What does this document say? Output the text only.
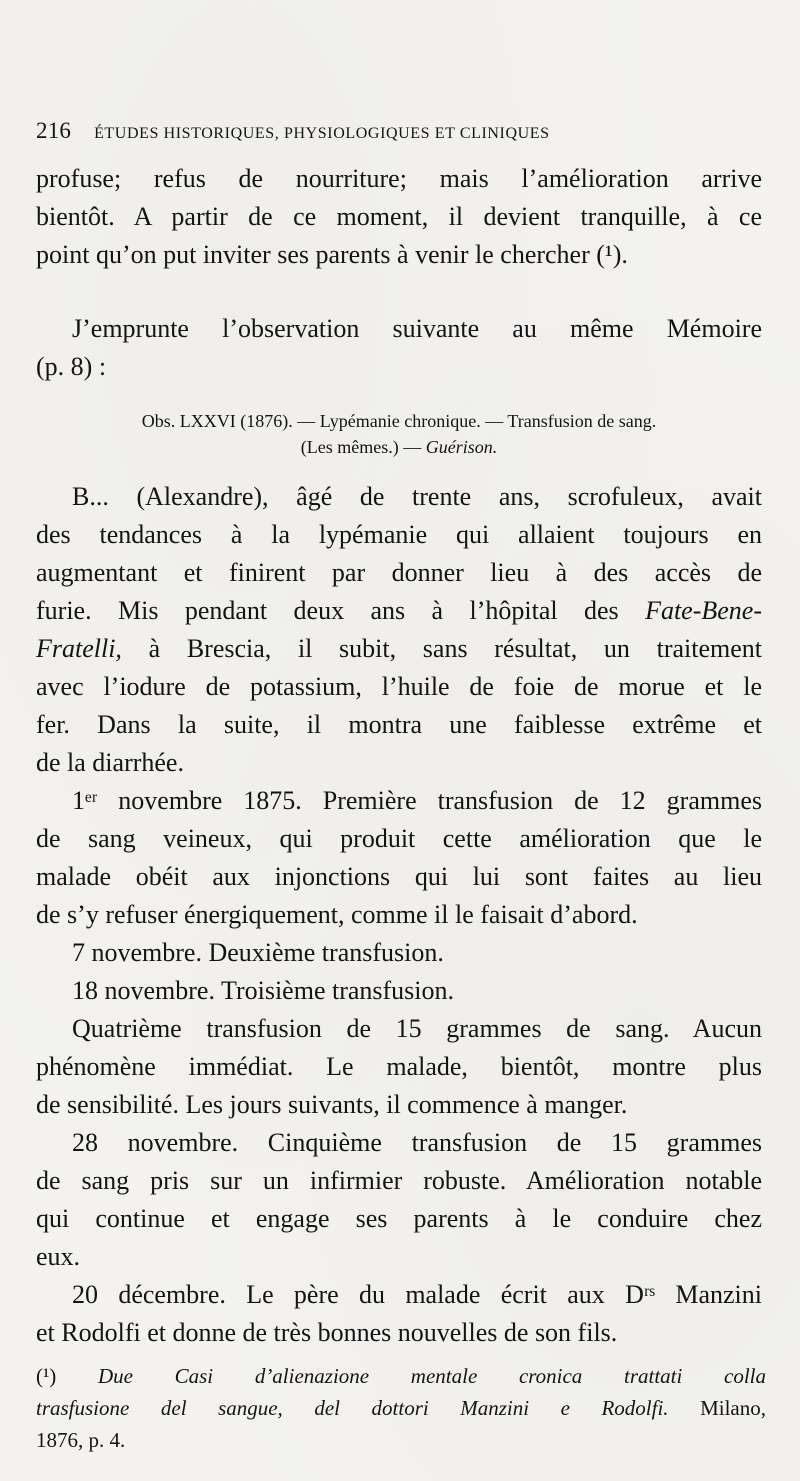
216 ÉTUDES HISTORIQUES, PHYSIOLOGIQUES ET CLINIQUES
profuse; refus de nourriture; mais l’amélioration arrive
bientôt. A partir de ce moment, il devient tranquille, à ce
point qu’on put inviter ses parents à venir le chercher (¹).
J’emprunte l’observation suivante au même Mémoire
(p. 8) :
Obs. LXXVI (1876). — Lypémanie chronique. — Transfusion de sang.
(Les mêmes.) — Guérison.
B... (Alexandre), âgé de trente ans, scrofuleux, avait
des tendances à la lypémanie qui allaient toujours en
augmentant et finirent par donner lieu à des accès de
furie. Mis pendant deux ans à l’hôpital des Fate-Bene-
Fratelli, à Brescia, il subit, sans résultat, un traitement
avec l’iodure de potassium, l’huile de foie de morue et le
fer. Dans la suite, il montra une faiblesse extrême et
de la diarrhée.
1ᵉʳ novembre 1875. Première transfusion de 12 grammes
de sang veineux, qui produit cette amélioration que le
malade obéit aux injonctions qui lui sont faites au lieu
de s’y refuser énergiquement, comme il le faisait d’abord.
7 novembre. Deuxième transfusion.
18 novembre. Troisième transfusion.
Quatrième transfusion de 15 grammes de sang. Aucun
phénomène immédiat. Le malade, bientôt, montre plus
de sensibilité. Les jours suivants, il commence à manger.
28 novembre. Cinquième transfusion de 15 grammes
de sang pris sur un infirmier robuste. Amélioration notable
qui continue et engage ses parents à le conduire chez
eux.
20 décembre. Le père du malade écrit aux Dʳˢ Manzini
et Rodolfi et donne de très bonnes nouvelles de son fils.
(¹) Due Casi d’alienazione mentale cronica trattati colla
trasfusione del sangue, del dottori Manzini e Rodolfi. Milano,
1876, p. 4.
